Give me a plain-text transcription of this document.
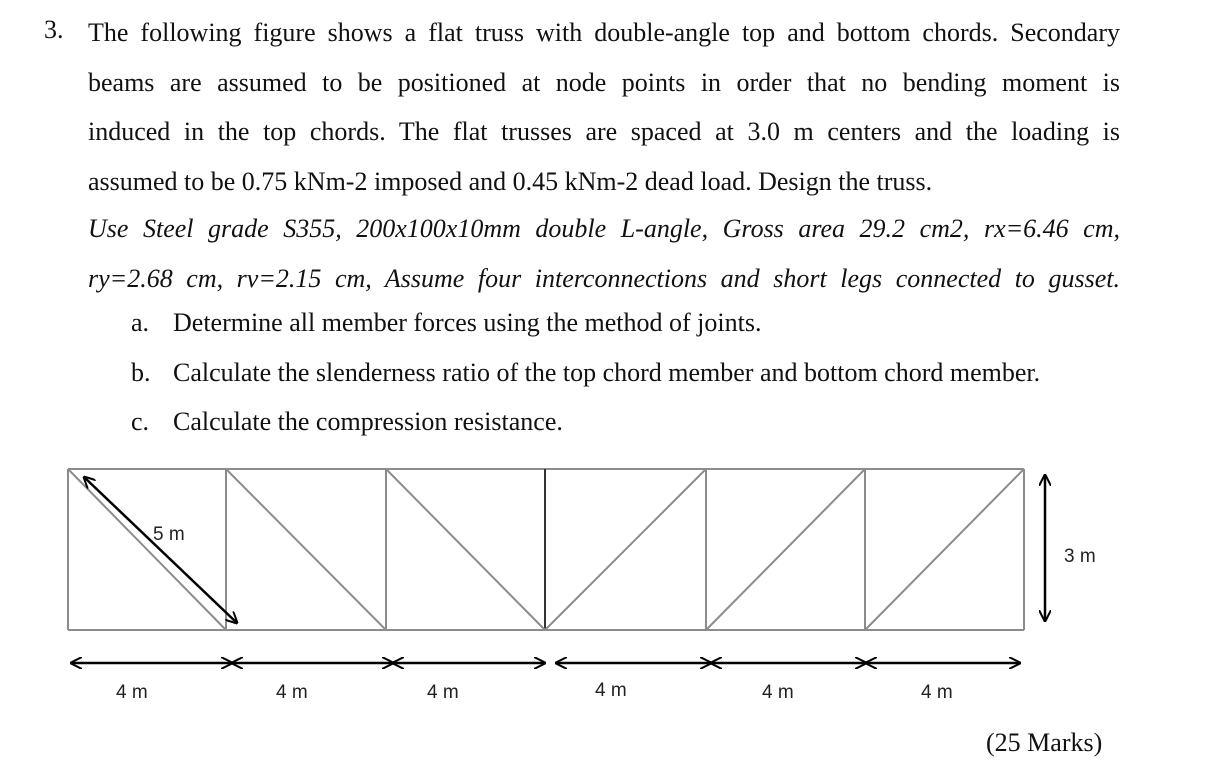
3. The following figure shows a flat truss with double-angle top and bottom chords. Secondary
beams are assumed to be positioned at node points in order that no bending moment is
induced in the top chords. The flat trusses are spaced at 3.0 m centers and the loading is
assumed to be 0.75 kNm-2 imposed and 0.45 kNm-2 dead load. Design the truss.
Use Steel grade S355, 200x100x10mm double L-angle, Gross area 29.2 cm2, rx=6.46 cm,
ry=2.68 cm, rv=2.15 cm, Assume four interconnections and short legs connected to gusset.
a. Determine all member forces using the method of joints.
b. Calculate the slenderness ratio of the top chord member and bottom chord member.
c. Calculate the compression resistance.
5 m
3 m
4 m	4 m	4 m	4 m	4 m	4 m
(25 Marks)
